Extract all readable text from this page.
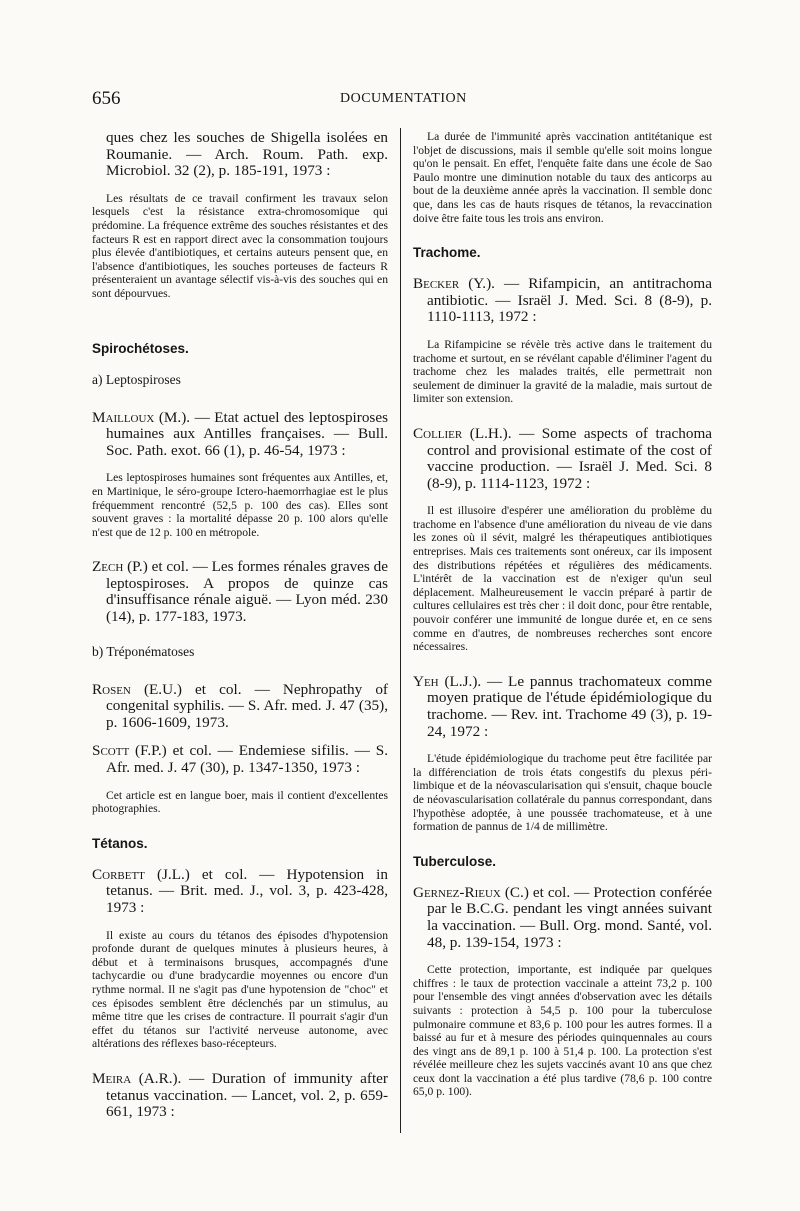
656	DOCUMENTATION

ques chez les souches de Shigella isolées en Roumanie. — Arch. Roum. Path. exp. Microbiol. 32 (2), p. 185-191, 1973 :

Les résultats de ce travail confirment les travaux selon lesquels c'est la résistance extra-chromosomique qui prédomine. La fréquence extrême des souches résistantes et des facteurs R est en rapport direct avec la consommation toujours plus élevée d'antibiotiques, et certains auteurs pensent que, en l'absence d'antibiotiques, les souches porteuses de facteurs R présenteraient un avantage sélectif vis-à-vis des souches qui en sont dépourvues.

Spirochétoses.
a) Leptospiroses

Mailloux (M.). — Etat actuel des leptospiroses humaines aux Antilles françaises. — Bull. Soc. Path. exot. 66 (1), p. 46-54, 1973 :

Les leptospiroses humaines sont fréquentes aux Antilles, et, en Martinique, le séro-groupe Ictero-haemorrhagiae est le plus fréquemment rencontré (52,5 p. 100 des cas). Elles sont souvent graves : la mortalité dépasse 20 p. 100 alors qu'elle n'est que de 12 p. 100 en métropole.

Zech (P.) et col. — Les formes rénales graves de leptospiroses. A propos de quinze cas d'insuffisance rénale aiguë. — Lyon méd. 230 (14), p. 177-183, 1973.

b) Tréponématoses

Rosen (E.U.) et col. — Nephropathy of congenital syphilis. — S. Afr. med. J. 47 (35), p. 1606-1609, 1973.

Scott (F.P.) et col. — Endemiese sifilis. — S. Afr. med. J. 47 (30), p. 1347-1350, 1973 :

Cet article est en langue boer, mais il contient d'excellentes photographies.

Tétanos.

Corbett (J.L.) et col. — Hypotension in tetanus. — Brit. med. J., vol. 3, p. 423-428, 1973 :

Il existe au cours du tétanos des épisodes d'hypotension profonde durant de quelques minutes à plusieurs heures, à début et à terminaisons brusques, accompagnés d'une tachycardie ou d'une bradycardie moyennes ou encore d'un rythme normal. Il ne s'agit pas d'une hypotension de "choc" et ces épisodes semblent être déclenchés par un stimulus, au même titre que les crises de contracture. Il pourrait s'agir d'un effet du tétanos sur l'activité nerveuse autonome, avec altérations des réflexes baso-récepteurs.

Meira (A.R.). — Duration of immunity after tetanus vaccination. — Lancet, vol. 2, p. 659-661, 1973 :

La durée de l'immunité après vaccination antitétanique est l'objet de discussions, mais il semble qu'elle soit moins longue qu'on le pensait. En effet, l'enquête faite dans une école de Sao Paulo montre une diminution notable du taux des anticorps au bout de la deuxième année après la vaccination. Il semble donc que, dans les cas de hauts risques de tétanos, la revaccination doive être faite tous les trois ans environ.

Trachome.

Becker (Y.). — Rifampicin, an antitrachoma antibiotic. — Israël J. Med. Sci. 8 (8-9), p. 1110-1113, 1972 :

La Rifampicine se révèle très active dans le traitement du trachome et surtout, en se révélant capable d'éliminer l'agent du trachome chez les malades traités, elle permettrait non seulement de diminuer la gravité de la maladie, mais surtout de limiter son extension.

Collier (L.H.). — Some aspects of trachoma control and provisional estimate of the cost of vaccine production. — Israël J. Med. Sci. 8 (8-9), p. 1114-1123, 1972 :

Il est illusoire d'espérer une amélioration du problème du trachome en l'absence d'une amélioration du niveau de vie dans les zones où il sévit, malgré les thérapeutiques antibiotiques entreprises. Mais ces traitements sont onéreux, car ils imposent des distributions répétées et régulières des médicaments. L'intérêt de la vaccination est de n'exiger qu'un seul déplacement. Malheureusement le vaccin préparé à partir de cultures cellulaires est très cher : il doit donc, pour être rentable, pouvoir conférer une immunité de longue durée et, en ce sens comme en d'autres, de nombreuses recherches sont encore nécessaires.

Yeh (L.J.). — Le pannus trachomateux comme moyen pratique de l'étude épidémiologique du trachome. — Rev. int. Trachome 49 (3), p. 19-24, 1972 :

L'étude épidémiologique du trachome peut être facilitée par la différenciation de trois états congestifs du plexus péri-limbique et de la néovascularisation qui s'ensuit, chaque boucle de néovascularisation collatérale du pannus correspondant, dans l'hypothèse adoptée, à une poussée trachomateuse, et à une formation de pannus de 1/4 de millimètre.

Tuberculose.

Gernez-Rieux (C.) et col. — Protection conférée par le B.C.G. pendant les vingt années suivant la vaccination. — Bull. Org. mond. Santé, vol. 48, p. 139-154, 1973 :

Cette protection, importante, est indiquée par quelques chiffres : le taux de protection vaccinale a atteint 73,2 p. 100 pour l'ensemble des vingt années d'observation avec les détails suivants : protection à 54,5 p. 100 pour la tuberculose pulmonaire commune et 83,6 p. 100 pour les autres formes. Il a baissé au fur et à mesure des périodes quinquennales au cours des vingt ans de 89,1 p. 100 à 51,4 p. 100. La protection s'est révélée meilleure chez les sujets vaccinés avant 10 ans que chez ceux dont la vaccination a été plus tardive (78,6 p. 100 contre 65,0 p. 100).
